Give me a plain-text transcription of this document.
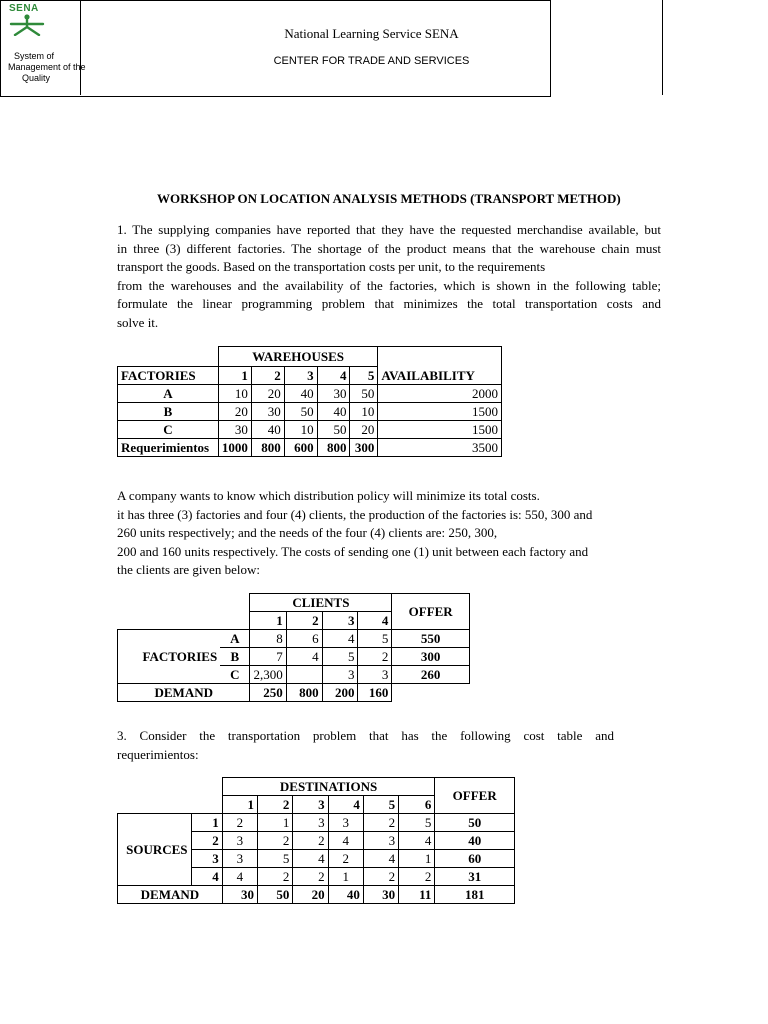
SENA
System of
Management of the
Quality
National Learning Service SENA
CENTER FOR TRADE AND SERVICES
WORKSHOP ON LOCATION ANALYSIS METHODS (TRANSPORT METHOD)

1. The supplying companies have reported that they have the requested merchandise available, but

in three (3) different factories. The shortage of the product means that the warehouse chain must

transport the goods. Based on the transportation costs per unit, to the requirements

from the warehouses and the availability of the factories, which is shown in the following table;

formulate the linear programming problem that minimizes the total transportation costs and

solve it.

	WAREHOUSES					
FACTORIES	1	2	3	4	5	AVAILABILITY
A	10	20	40	30	50	2000
B	20	30	50	40	10	1500
C	30	40	10	50	20	1500
Requerimientos	1000	800	600	800	300	3500

A company wants to know which distribution policy will minimize its total costs.

it has three (3) factories and four (4) clients, the production of the factories is: 550, 300 and

260 units respectively; and the needs of the four (4) clients are: 250, 300,

200 and 160 units respectively. The costs of sending one (1) unit between each factory and

the clients are given below:

		CLIENTS				OFFER
		1	2	3	4	
FACTORIES	A	8	6	4	5	550
	B	7	4	5	2	300
	C	2,300		3	3	260
DEMAND		250	800	200	160	

3. Consider the transportation problem that has the following cost table and

requerimientos:

		DESTINATIONS						OFFER
		1	2	3	4	5	6	
SOURCES	1	2	1	3	3	2	5	50
	2	3	2	2	4	3	4	40
	3	3	5	4	2	4	1	60
	4	4	2	2	1	2	2	31
DEMAND		30	50	20	40	30	11	181
